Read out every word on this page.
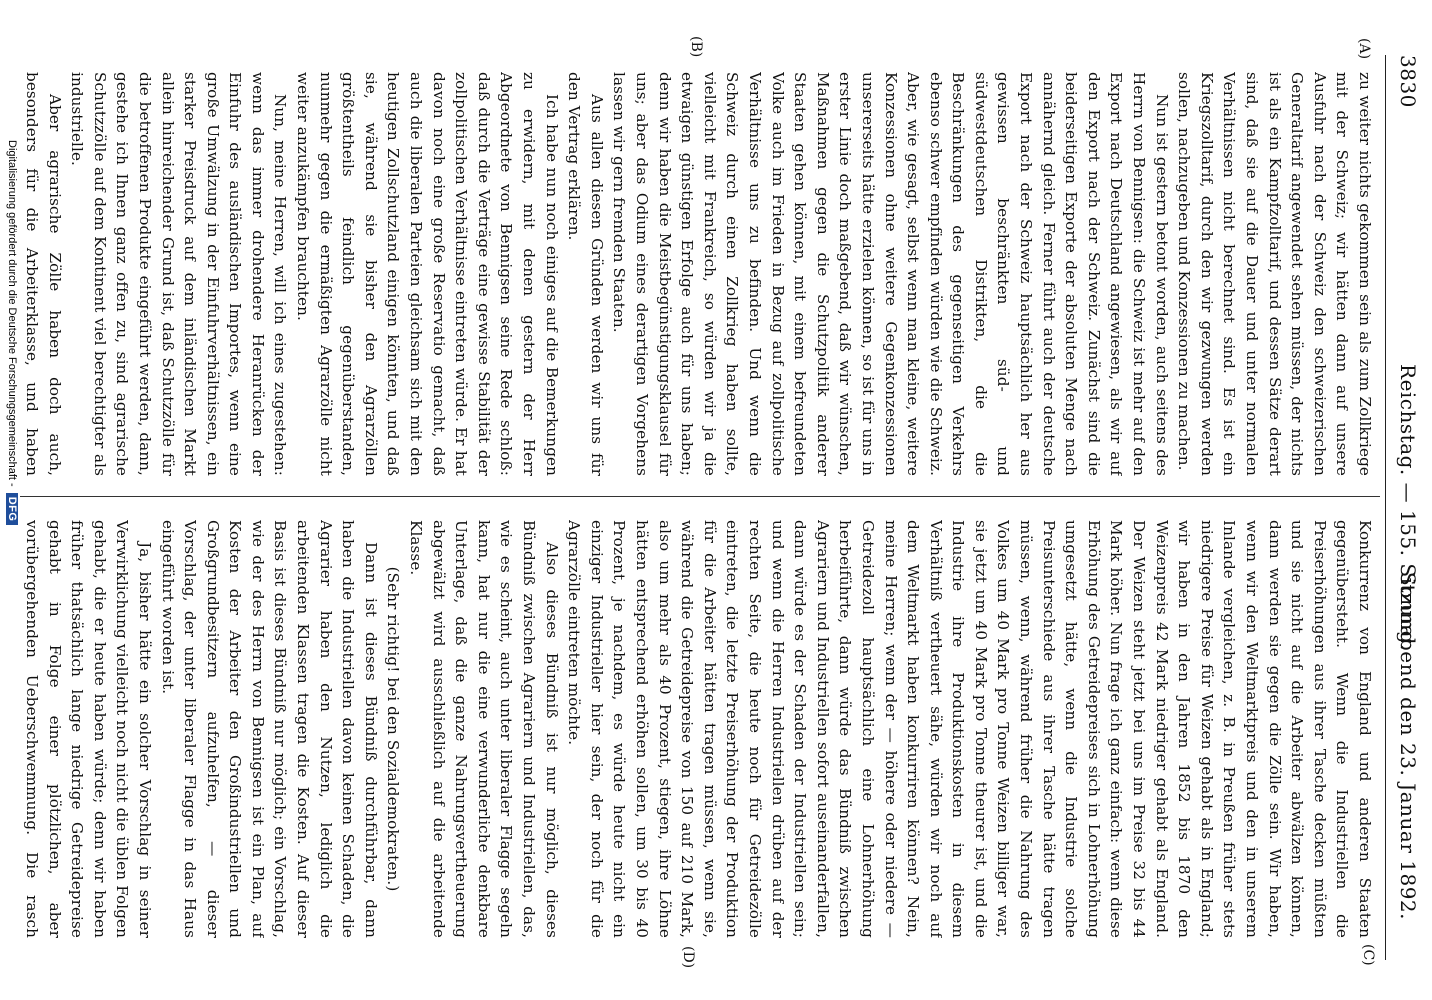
3830
Reichstag. — 155. Sitzung.
Sonnabend den 23. Januar 1892.
(A)
(B)
(C)
(D)

zu weiter nichts gekommen sein als zum Zollkriege mit der Schweiz; wir hätten dann auf unsere Ausfuhr nach der Schweiz den schweizerischen Generaltarif angewendet sehen müssen, der nichts ist als ein Kampfzolltarif, und dessen Sätze derart sind, daß sie auf die Dauer und unter normalen Verhältnissen nicht berechnet sind. Es ist ein Kriegszolltarif, durch den wir gezwungen werden sollen, nachzugeben und Konzessionen zu machen.

Nun ist gestern betont worden, auch seitens des Herrn von Bennigsen: die Schweiz ist mehr auf den Export nach Deutschland angewiesen, als wir auf den Export nach der Schweiz. Zunächst sind die beiderseitigen Exporte der absoluten Menge nach annähernd gleich. Ferner führt auch der deutsche Export nach der Schweiz hauptsächlich her aus gewissen beschränkten süd- und südwestdeutschen Distrikten, die die Beschränkungen des gegenseitigen Verkehrs ebenso schwer empfinden würden wie die Schweiz. Aber, wie gesagt, selbst wenn man kleine, weitere Konzessionen ohne weitere Gegenkonzessionen unsererseits hätte erzielen können, so ist für uns in erster Linie doch maßgebend, daß wir wünschen, Maßnahmen gegen die Schutzpolitik anderer Staaten gehen können, mit einem befreundeten Volke auch im Frieden in Bezug auf zollpolitische Verhältnisse uns zu befinden. Und wenn die Schweiz durch einen Zollkrieg haben sollte, vielleicht mit Frankreich, so würden wir ja die etwaigen günstigen Erfolge auch für uns haben; denn wir haben die Meistbegünstigungsklausel für uns; aber das Odium eines derartigen Vorgehens lassen wir gern fremden Staaten.

Aus allen diesen Gründen werden wir uns für den Vertrag erklären.

Ich habe nun noch einiges auf die Bemerkungen zu erwidern, mit denen gestern der Herr Abgeordnete von Bennigsen seine Rede schloß: daß durch die Verträge eine gewisse Stabilität der zollpolitischen Verhältnisse eintreten würde. Er hat davon noch eine große Reservatio gemacht, daß auch die liberalen Parteien gleichsam sich mit den heutigen Zollschutzland einigen könnten, und daß sie, während sie bisher den Agrarzöllen größtentheils feindlich gegenüberstanden, nunmehr gegen die ermäßigten Agrarzölle nicht weiter anzukämpfen brauchten.

Nun, meine Herren, will ich eines zugestehen: wenn das immer drohendere Heranrücken der Einfuhr des ausländischen Importes, wenn eine große Umwälzung in der Einfuhrverhältnissen, ein starker Preisdruck auf dem inländischen Markt allein hinreichender Grund ist, daß Schutzzölle für die betroffenen Produkte eingeführt werden, dann, gestehe ich Ihnen ganz offen zu, sind agrarische Schutzzölle auf dem Kontinent viel berechtigter als industrielle.

Aber agrarische Zölle haben doch auch, besonders für die Arbeiterklasse, und haben

Konkurrenz von England und anderen Staaten gegenübersteht. Wenn die Industriellen die Preiserhöhungen aus ihrer Tasche decken müßten und sie nicht auf die Arbeiter abwälzen können, dann werden sie gegen die Zölle sein. Wir haben, wenn wir den Weltmarktpreis und den in unserem Inlande vergleichen, z. B. in Preußen früher stets niedrigere Preise für Weizen gehabt als in England; wir haben in den Jahren 1852 bis 1870 den Weizenpreis 42 Mark niedriger gehabt als England. Der Weizen steht jetzt bei uns im Preise 32 bis 44 Mark höher. Nun frage ich ganz einfach: wenn diese Erhöhung des Getreidepreises sich in Lohnerhöhung umgesetzt hätte, wenn die Industrie solche Preisunterschiede aus ihrer Tasche hätte tragen müssen, wenn, während früher die Nahrung des Volkes um 40 Mark pro Tonne Weizen billiger war, sie jetzt um 40 Mark pro Tonne theurer ist, und die Industrie ihre Produktionskosten in diesem Verhältniß vertheuert sähe, würden wir noch auf dem Weltmarkt haben konkurriren können? Nein, meine Herren; wenn der — höhere oder niedere — Getreidezoll hauptsächlich eine Lohnerhöhung herbeiführte, dann würde das Bündniß zwischen Agrariern und Industriellen sofort auseinanderfallen, dann würde es der Schaden der Industriellen sein; und wenn die Herren Industriellen drüben auf der rechten Seite, die heute noch für Getreidezölle eintreten, die letzte Preiserhöhung der Produktion für die Arbeiter hätten tragen müssen, wenn sie, während die Getreidepreise von 150 auf 210 Mark, also um mehr als 40 Prozent, stiegen, ihre Löhne hätten entsprechend erhöhen sollen, um 30 bis 40 Prozent, je nachdem, es würde heute nicht ein einziger Industrieller hier sein, der noch für die Agrarzölle eintreten möchte.

Also dieses Bündniß ist nur möglich, dieses Bündniß zwischen Agrariern und Industriellen, das, wie es scheint, auch unter liberaler Flagge segeln kann, hat nur die eine verwunderliche denkbare Unterlage, daß die ganze Nahrungsvertheuerung abgewälzt wird ausschließlich auf die arbeitende Klasse.

(Sehr richtig! bei den Sozialdemokraten.)

Dann ist dieses Bündniß durchführbar, dann haben die Industriellen davon keinen Schaden, die Agrarier haben den Nutzen, lediglich die arbeitenden Klassen tragen die Kosten. Auf dieser Basis ist dieses Bündniß nur möglich; ein Vorschlag, wie der des Herrn von Bennigsen ist ein Plan, auf Kosten der Arbeiter den Großindustriellen und Großgrundbesitzern aufzuhelfen, — dieser Vorschlag, der unter liberaler Flagge in das Haus eingeführt worden ist.

Ja, bisher hätte ein solcher Vorschlag in seiner Verwirklichung vielleicht noch nicht die üblen Folgen gehabt, die er heute haben würde; denn wir haben früher thatsächlich lange niedrige Getreidepreise gehabt in Folge einer plötzlichen, aber vorübergehenden Ueberschwemmung. Die rasch

Digitalisierung gefördert durch die Deutsche Forschungsgemeinschaft -DFG
